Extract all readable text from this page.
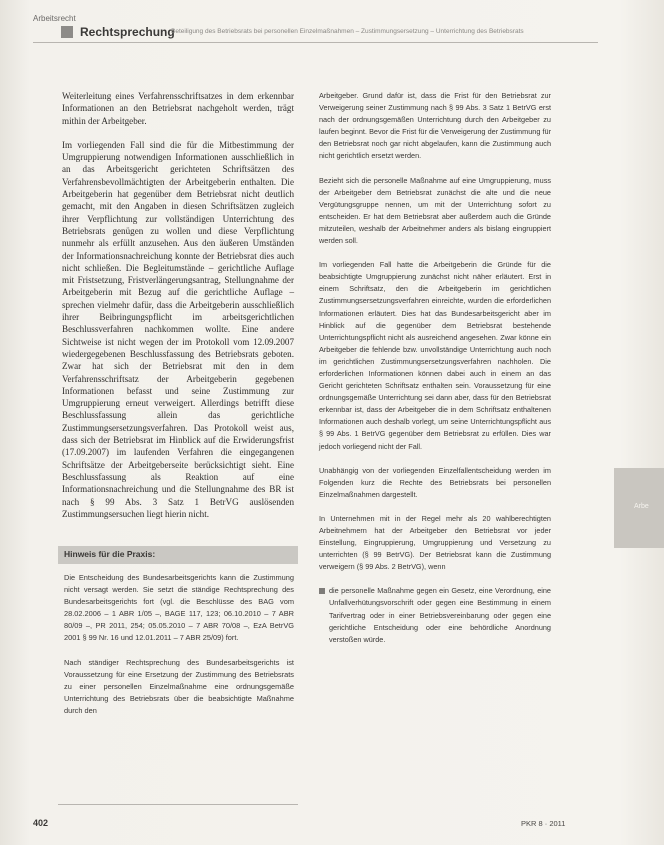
Arbeitsrecht
Rechtsprechung
Beteiligung des Betriebsrats bei personellen Einzelmaßnahmen – Zustimmungsersetzung – Unterrichtung des Betriebsrats

Weiterleitung eines Verfahrensschriftsatzes in dem erkennbar Informationen an den Betriebsrat nachgeholt werden, trägt mithin der Arbeitgeber.

Im vorliegenden Fall sind die für die Mitbestimmung der Umgruppierung notwendigen Informationen ausschließlich in an das Arbeitsgericht gerichteten Schriftsätzen des Verfahrensbevollmächtigten der Arbeitgeberin enthalten. Die Arbeitgeberin hat gegenüber dem Betriebsrat nicht deutlich gemacht, mit den Angaben in diesen Schriftsätzen zugleich ihrer Verpflichtung zur vollständigen Unterrichtung des Betriebsrats genügen zu wollen und diese Verpflichtung nunmehr als erfüllt anzusehen. Aus den äußeren Umständen der Informationsnachreichung konnte der Betriebsrat dies auch nicht schließen. Die Begleitumstände – gerichtliche Auflage mit Fristsetzung, Fristverlängerungsantrag, Stellungnahme der Arbeitgeberin mit Bezug auf die gerichtliche Auflage – sprechen vielmehr dafür, dass die Arbeitgeberin ausschließlich ihrer Beibringungspflicht im arbeitsgerichtlichen Beschlussverfahren nachkommen wollte. Eine andere Sichtweise ist nicht wegen der im Protokoll vom 12.09.2007 wiedergegebenen Beschlussfassung des Betriebsrats geboten. Zwar hat sich der Betriebsrat mit den in dem Verfahrensschriftsatz der Arbeitgeberin gegebenen Informationen befasst und seine Zustimmung zur Umgruppierung erneut verweigert. Allerdings betrifft diese Beschlussfassung allein das gerichtliche Zustimmungsersetzungsverfahren. Das Protokoll weist aus, dass sich der Betriebsrat im Hinblick auf die Erwiderungsfrist (17.09.2007) im laufenden Verfahren die eingegangenen Schriftsätze der Arbeitgeberseite berücksichtigt sieht. Eine Beschlussfassung als Reaktion auf eine Informationsnachreichung und die Stellungnahme des BR ist nach § 99 Abs. 3 Satz 1 BetrVG auslösenden Zustimmungsersuchen liegt hierin nicht.

Hinweis für die Praxis:

Die Entscheidung des Bundesarbeitsgerichts kann die Zustimmung nicht versagt werden. Sie setzt die ständige Rechtsprechung des Bundesarbeitsgerichts fort (vgl. die Beschlüsse des BAG vom 28.02.2006 – 1 ABR 1/05 –, BAGE 117, 123; 06.10.2010 – 7 ABR 80/09 –, PR 2011, 254; 05.05.2010 – 7 ABR 70/08 –, EzA BetrVG 2001 § 99 Nr. 16 und 12.01.2011 – 7 ABR 25/09) fort.

Nach ständiger Rechtsprechung des Bundesarbeitsgerichts ist Voraussetzung für eine Ersetzung der Zustimmung des Betriebsrats zu einer personellen Einzelmaßnahme eine ordnungsgemäße Unterrichtung des Betriebsrats über die beabsichtigte Maßnahme durch den

Arbeitgeber. Grund dafür ist, dass die Frist für den Betriebsrat zur Verweigerung seiner Zustimmung nach § 99 Abs. 3 Satz 1 BetrVG erst nach der ordnungsgemäßen Unterrichtung durch den Arbeitgeber zu laufen beginnt. Bevor die Frist für die Verweigerung der Zustimmung für den Betriebsrat noch gar nicht abgelaufen, kann die Zustimmung auch nicht gerichtlich ersetzt werden.

Bezieht sich die personelle Maßnahme auf eine Umgruppierung, muss der Arbeitgeber dem Betriebsrat zunächst die alte und die neue Vergütungsgruppe nennen, um mit der Unterrichtung sofort zu entscheiden. Er hat dem Betriebsrat aber außerdem auch die Gründe mitzuteilen, weshalb der Arbeitnehmer anders als bislang eingruppiert werden soll.

Im vorliegenden Fall hatte die Arbeitgeberin die Gründe für die beabsichtigte Umgruppierung zunächst nicht näher erläutert. Erst in einem Schriftsatz, den die Arbeitgeberin im gerichtlichen Zustimmungsersetzungsverfahren einreichte, wurden die erforderlichen Informationen erläutert. Dies hat das Bundesarbeitsgericht aber im Hinblick auf die gegenüber dem Betriebsrat bestehende Unterrichtungspflicht nicht als ausreichend angesehen. Zwar könne ein Arbeitgeber die fehlende bzw. unvollständige Unterrichtung auch noch im gerichtlichen Zustimmungsersetzungsverfahren nachholen. Die erforderlichen Informationen können dabei auch in einem an das Gericht gerichteten Schriftsatz enthalten sein. Voraussetzung für eine ordnungsgemäße Unterrichtung sei dann aber, dass für den Betriebsrat erkennbar ist, dass der Arbeitgeber die in dem Schriftsatz enthaltenen Informationen auch deshalb vorlegt, um seine Unterrichtungspflicht aus § 99 Abs. 1 BetrVG gegenüber dem Betriebsrat zu erfüllen. Dies war jedoch vorliegend nicht der Fall.

Unabhängig von der vorliegenden Einzelfallentscheidung werden im Folgenden kurz die Rechte des Betriebsrats bei personellen Einzelmaßnahmen dargestellt.

In Unternehmen mit in der Regel mehr als 20 wahlberechtigten Arbeitnehmern hat der Arbeitgeber den Betriebsrat vor jeder Einstellung, Eingruppierung, Umgruppierung und Versetzung zu unterrichten (§ 99 BetrVG). Der Betriebsrat kann die Zustimmung verweigern (§ 99 Abs. 2 BetrVG), wenn

die personelle Maßnahme gegen ein Gesetz, eine Verordnung, eine Unfallverhütungsvorschrift oder gegen eine Bestimmung in einem Tarifvertrag oder in einer Betriebsvereinbarung oder gegen eine gerichtliche Entscheidung oder eine behördliche Anordnung verstoßen würde.

Arbe
402	PKR 8 · 2011
